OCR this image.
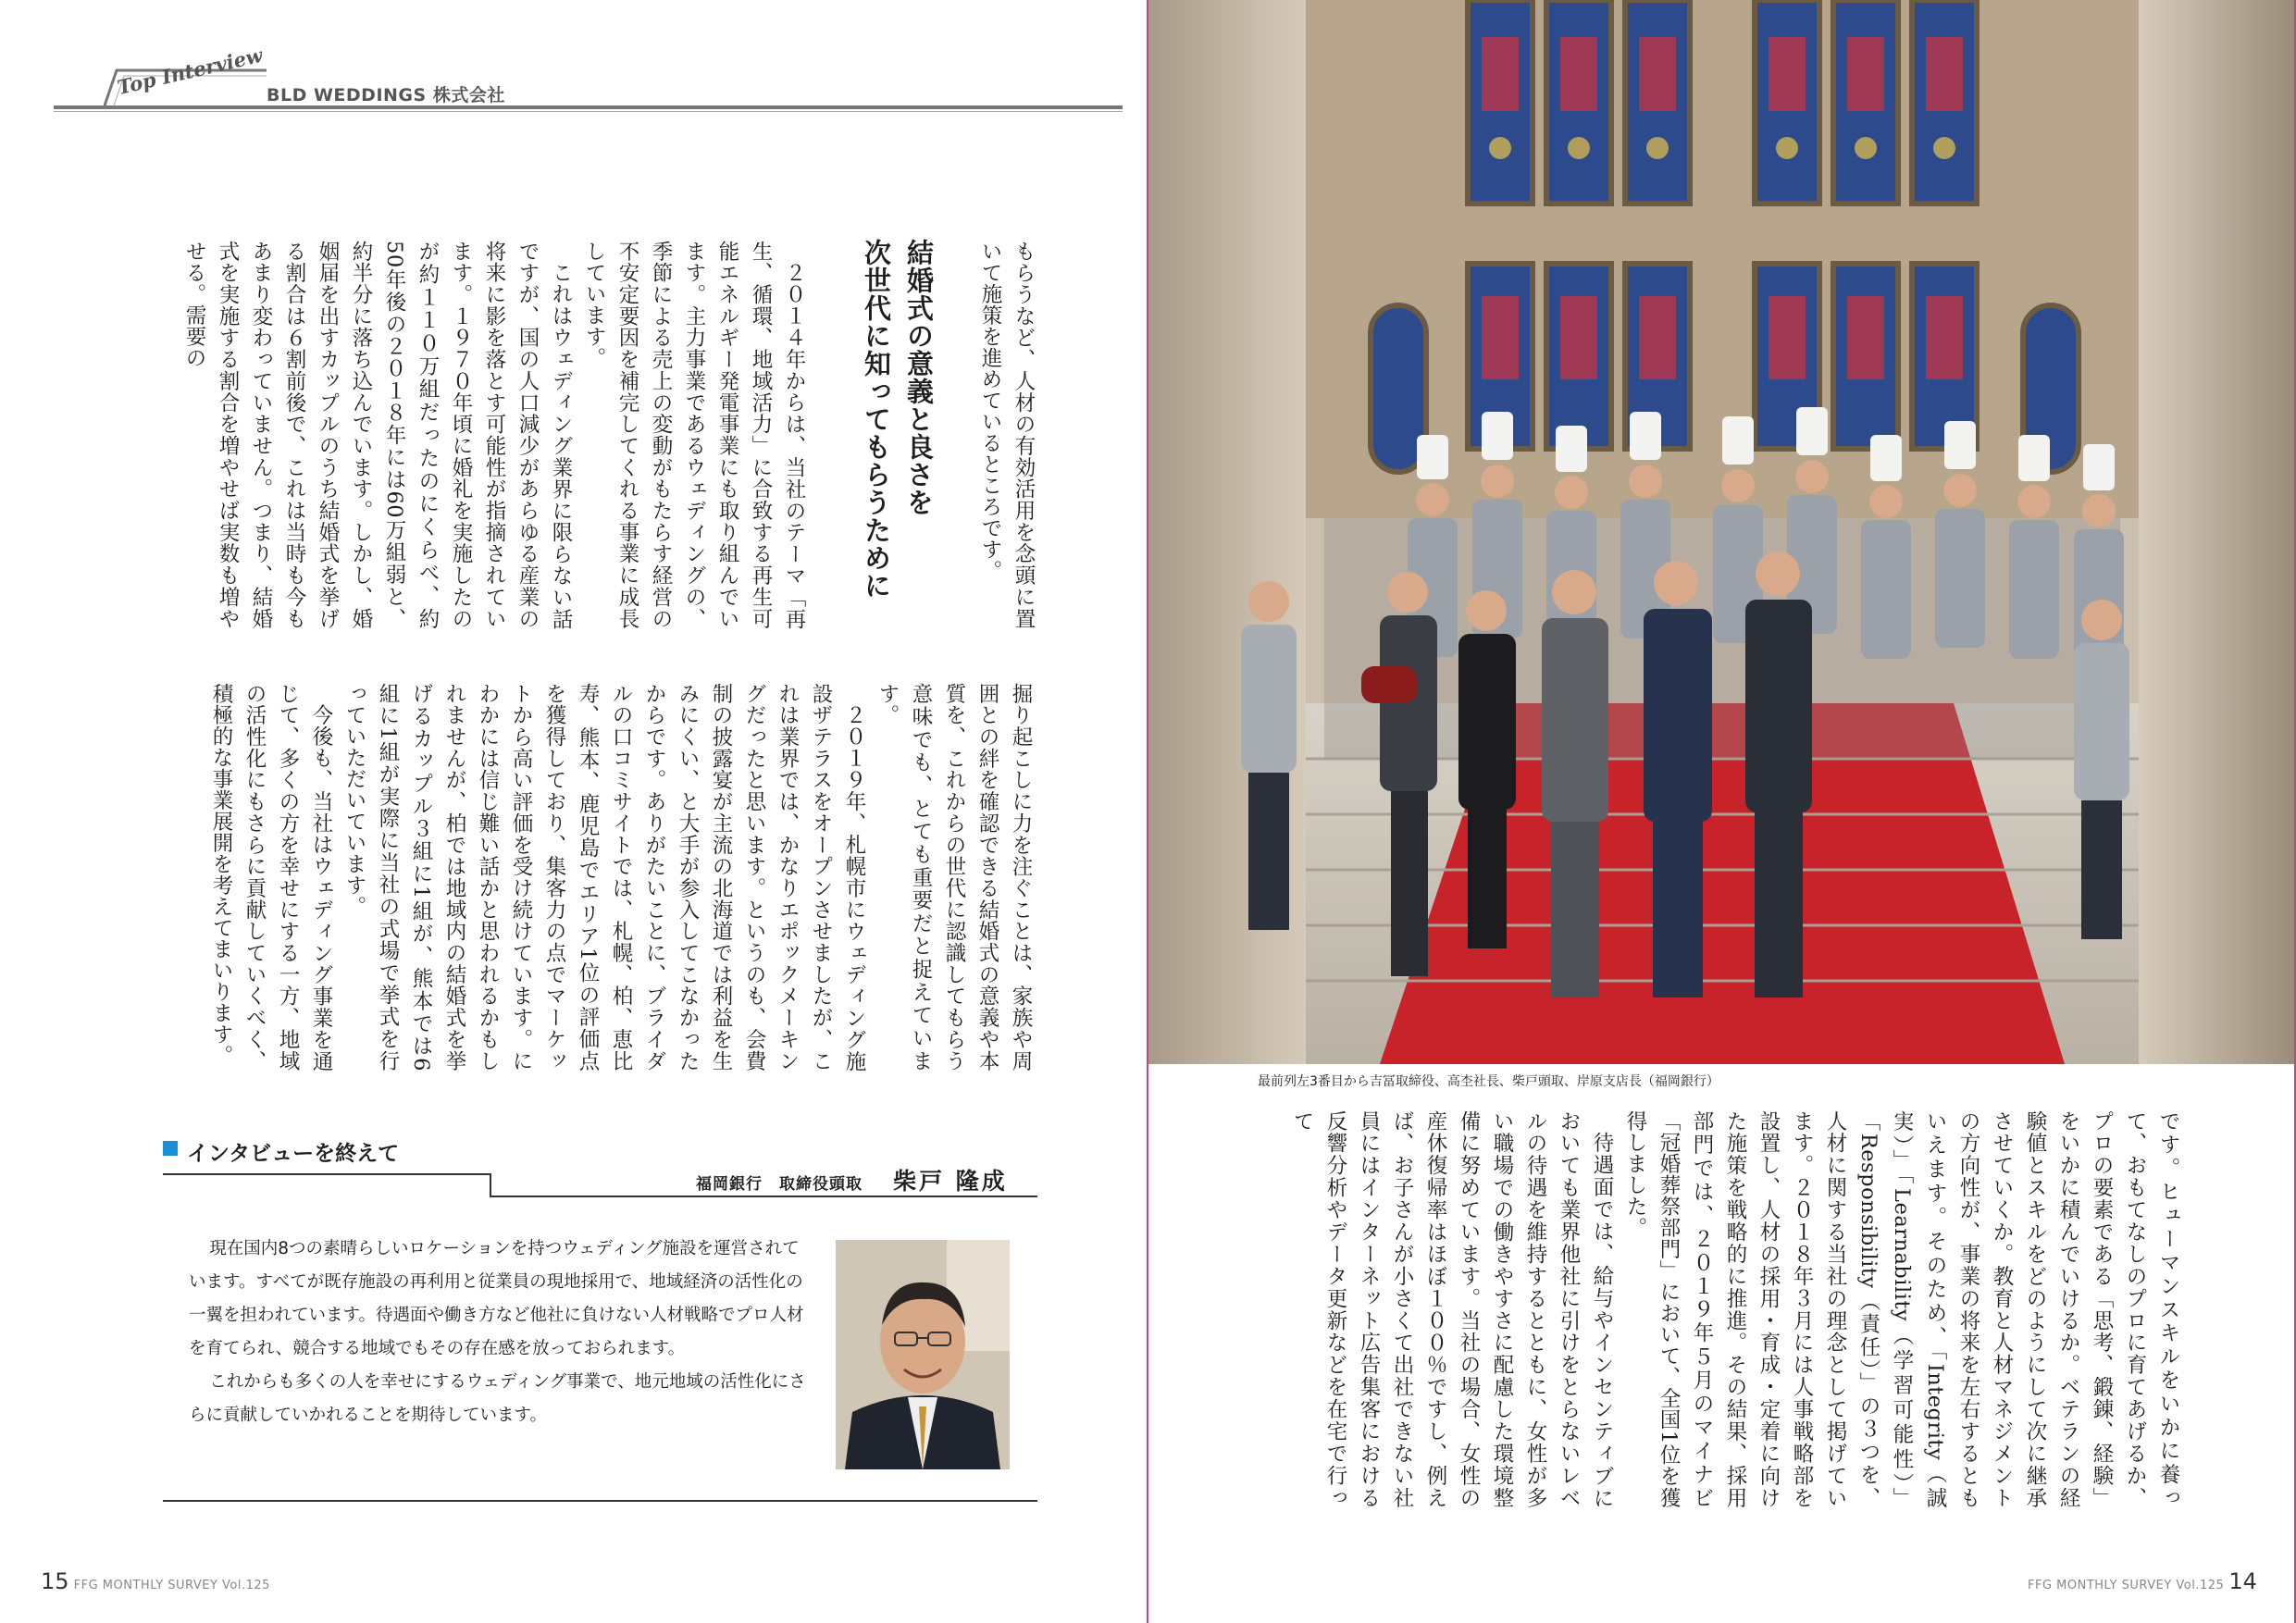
Top Interview BLD WEDDINGS 株式会社

もらうなど、人材の有効活用を念頭に置いて施策を進めているところです。

結婚式の意義と良さを
次世代に知ってもらうために

２０１４年からは、当社のテーマ「再生、循環、地域活力」に合致する再生可能エネルギー発電事業にも取り組んでいます。主力事業であるウェディングの、季節による売上の変動がもたらす経営の不安定要因を補完してくれる事業に成長しています。

これはウェディング業界に限らない話ですが、国の人口減少があらゆる産業の将来に影を落とす可能性が指摘されています。１９７０年頃に婚礼を実施したのが約１１０万組だったのにくらべ、約50年後の２０１８年には60万組弱と、約半分に落ち込んでいます。しかし、婚姻届を出すカップルのうち結婚式を挙げる割合は６割前後で、これは当時も今もあまり変わっていません。つまり、結婚式を実施する割合を増やせば実数も増やせる。需要の

掘り起こしに力を注ぐことは、家族や周囲との絆を確認できる結婚式の意義や本質を、これからの世代に認識してもらう意味でも、とても重要だと捉えています。

２０１９年、札幌市にウェディング施設ザテラスをオープンさせましたが、これは業界では、かなりエポックメーキングだったと思います。というのも、会費制の披露宴が主流の北海道では利益を生みにくい、と大手が参入してこなかったからです。ありがたいことに、ブライダルの口コミサイトでは、札幌、柏、恵比寿、熊本、鹿児島でエリア1位の評価点を獲得しており、集客力の点でマーケットから高い評価を受け続けています。にわかには信じ難い話かと思われるかもしれませんが、柏では地域内の結婚式を挙げるカップル３組に1組が、熊本では6組に1組が実際に当社の式場で挙式を行っていただいています。

今後も、当社はウェディング事業を通じて、多くの方を幸せにする一方、地域の活性化にもさらに貢献していくべく、積極的な事業展開を考えてまいります。

インタビューを終えて
福岡銀行　取締役頭取 柴戸 隆成

現在国内8つの素晴らしいロケーションを持つウェディング施設を運営されています。すべてが既存施設の再利用と従業員の現地採用で、地域経済の活性化の一翼を担われています。待遇面や働き方など他社に負けない人材戦略でプロ人材を育てられ、競合する地域でもその存在感を放っておられます。

これからも多くの人を幸せにするウェディング事業で、地元地域の活性化にさらに貢献していかれることを期待しています。

15 FFG MONTHLY SURVEY Vol.125
最前列左3番目から吉冨取締役、高杢社長、柴戸頭取、岸原支店長（福岡銀行）

です。ヒューマンスキルをいかに養って、おもてなしのプロに育てあげるか、プロの要素である「思考、鍛錬、経験」をいかに積んでいけるか。ベテランの経験値とスキルをどのようにして次に継承させていくか。教育と人材マネジメントの方向性が、事業の将来を左右するともいえます。そのため、「Integrity（誠実）」「Learnability（学習可能性）」「Responsibility（責任）」の３つを、人材に関する当社の理念として掲げています。２０１８年３月には人事戦略部を設置し、人材の採用・育成・定着に向けた施策を戦略的に推進。その結果、採用部門では、２０１９年５月のマイナビ「冠婚葬祭部門」において、全国1位を獲得しました。

待遇面では、給与やインセンティブにおいても業界他社に引けをとらないレベルの待遇を維持するとともに、女性が多い職場での働きやすさに配慮した環境整備に努めています。当社の場合、女性の産休復帰率はほぼ１００％ですし、例えば、お子さんが小さくて出社できない社員にはインターネット広告集客における反響分析やデータ更新などを在宅で行って

FFG MONTHLY SURVEY Vol.125 14
